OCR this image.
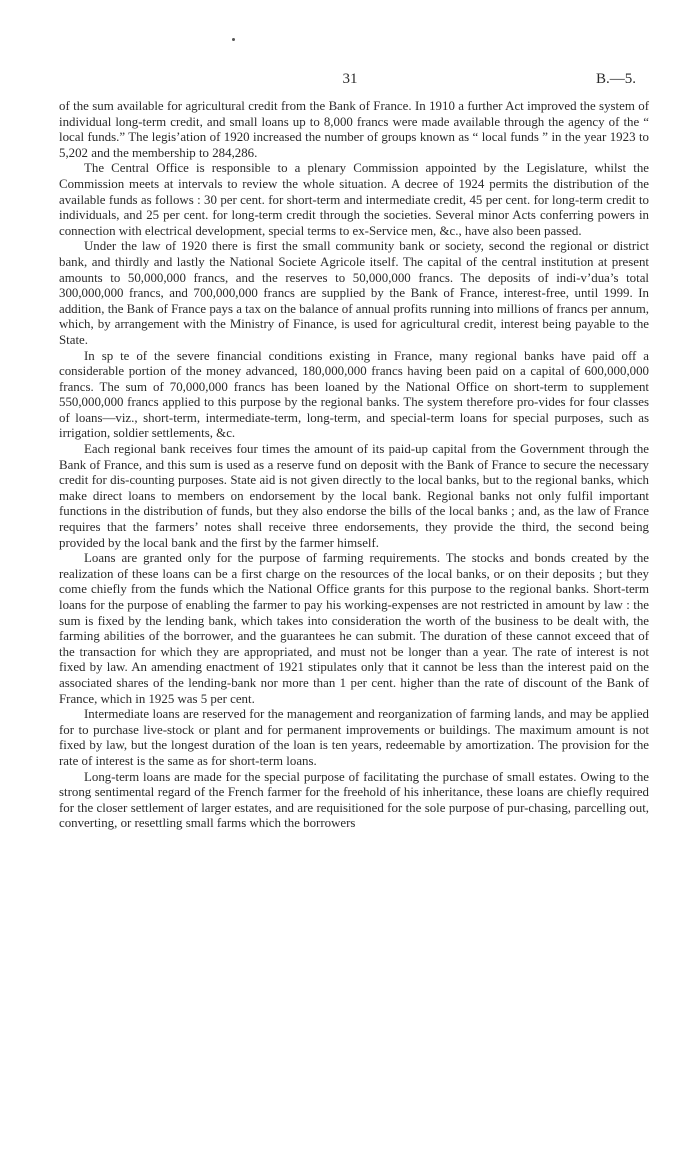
31	B.—5.

of the sum available for agricultural credit from the Bank of France. In 1910 a further Act improved the system of individual long-term credit, and small loans up to 8,000 francs were made available through the agency of the “ local funds.” The legis’ation of 1920 increased the number of groups known as “ local funds ” in the year 1923 to 5,202 and the membership to 284,286.

The Central Office is responsible to a plenary Commission appointed by the Legislature, whilst the Commission meets at intervals to review the whole situation. A decree of 1924 permits the distribution of the available funds as follows : 30 per cent. for short-term and intermediate credit, 45 per cent. for long-term credit to individuals, and 25 per cent. for long-term credit through the societies. Several minor Acts conferring powers in connection with electrical development, special terms to ex-Service men, &c., have also been passed.

Under the law of 1920 there is first the small community bank or society, second the regional or district bank, and thirdly and lastly the National Societe Agricole itself. The capital of the central institution at present amounts to 50,000,000 francs, and the reserves to 50,000,000 francs. The deposits of indi-v’dua’s total 300,000,000 francs, and 700,000,000 francs are supplied by the Bank of France, interest-free, until 1999. In addition, the Bank of France pays a tax on the balance of annual profits running into millions of francs per annum, which, by arrangement with the Ministry of Finance, is used for agricultural credit, interest being payable to the State.

In sp te of the severe financial conditions existing in France, many regional banks have paid off a considerable portion of the money advanced, 180,000,000 francs having been paid on a capital of 600,000,000 francs. The sum of 70,000,000 francs has been loaned by the National Office on short-term to supplement 550,000,000 francs applied to this purpose by the regional banks. The system therefore pro-vides for four classes of loans—viz., short-term, intermediate-term, long-term, and special-term loans for special purposes, such as irrigation, soldier settlements, &c.

Each regional bank receives four times the amount of its paid-up capital from the Government through the Bank of France, and this sum is used as a reserve fund on deposit with the Bank of France to secure the necessary credit for dis-counting purposes. State aid is not given directly to the local banks, but to the regional banks, which make direct loans to members on endorsement by the local bank. Regional banks not only fulfil important functions in the distribution of funds, but they also endorse the bills of the local banks ; and, as the law of France requires that the farmers’ notes shall receive three endorsements, they provide the third, the second being provided by the local bank and the first by the farmer himself.

Loans are granted only for the purpose of farming requirements. The stocks and bonds created by the realization of these loans can be a first charge on the resources of the local banks, or on their deposits ; but they come chiefly from the funds which the National Office grants for this purpose to the regional banks. Short-term loans for the purpose of enabling the farmer to pay his working-expenses are not restricted in amount by law : the sum is fixed by the lending bank, which takes into consideration the worth of the business to be dealt with, the farming abilities of the borrower, and the guarantees he can submit. The duration of these cannot exceed that of the transaction for which they are appropriated, and must not be longer than a year. The rate of interest is not fixed by law. An amending enactment of 1921 stipulates only that it cannot be less than the interest paid on the associated shares of the lending-bank nor more than 1 per cent. higher than the rate of discount of the Bank of France, which in 1925 was 5 per cent.

Intermediate loans are reserved for the management and reorganization of farming lands, and may be applied for to purchase live-stock or plant and for permanent improvements or buildings. The maximum amount is not fixed by law, but the longest duration of the loan is ten years, redeemable by amortization. The provision for the rate of interest is the same as for short-term loans.

Long-term loans are made for the special purpose of facilitating the purchase of small estates. Owing to the strong sentimental regard of the French farmer for the freehold of his inheritance, these loans are chiefly required for the closer settlement of larger estates, and are requisitioned for the sole purpose of pur-chasing, parcelling out, converting, or resettling small farms which the borrowers
